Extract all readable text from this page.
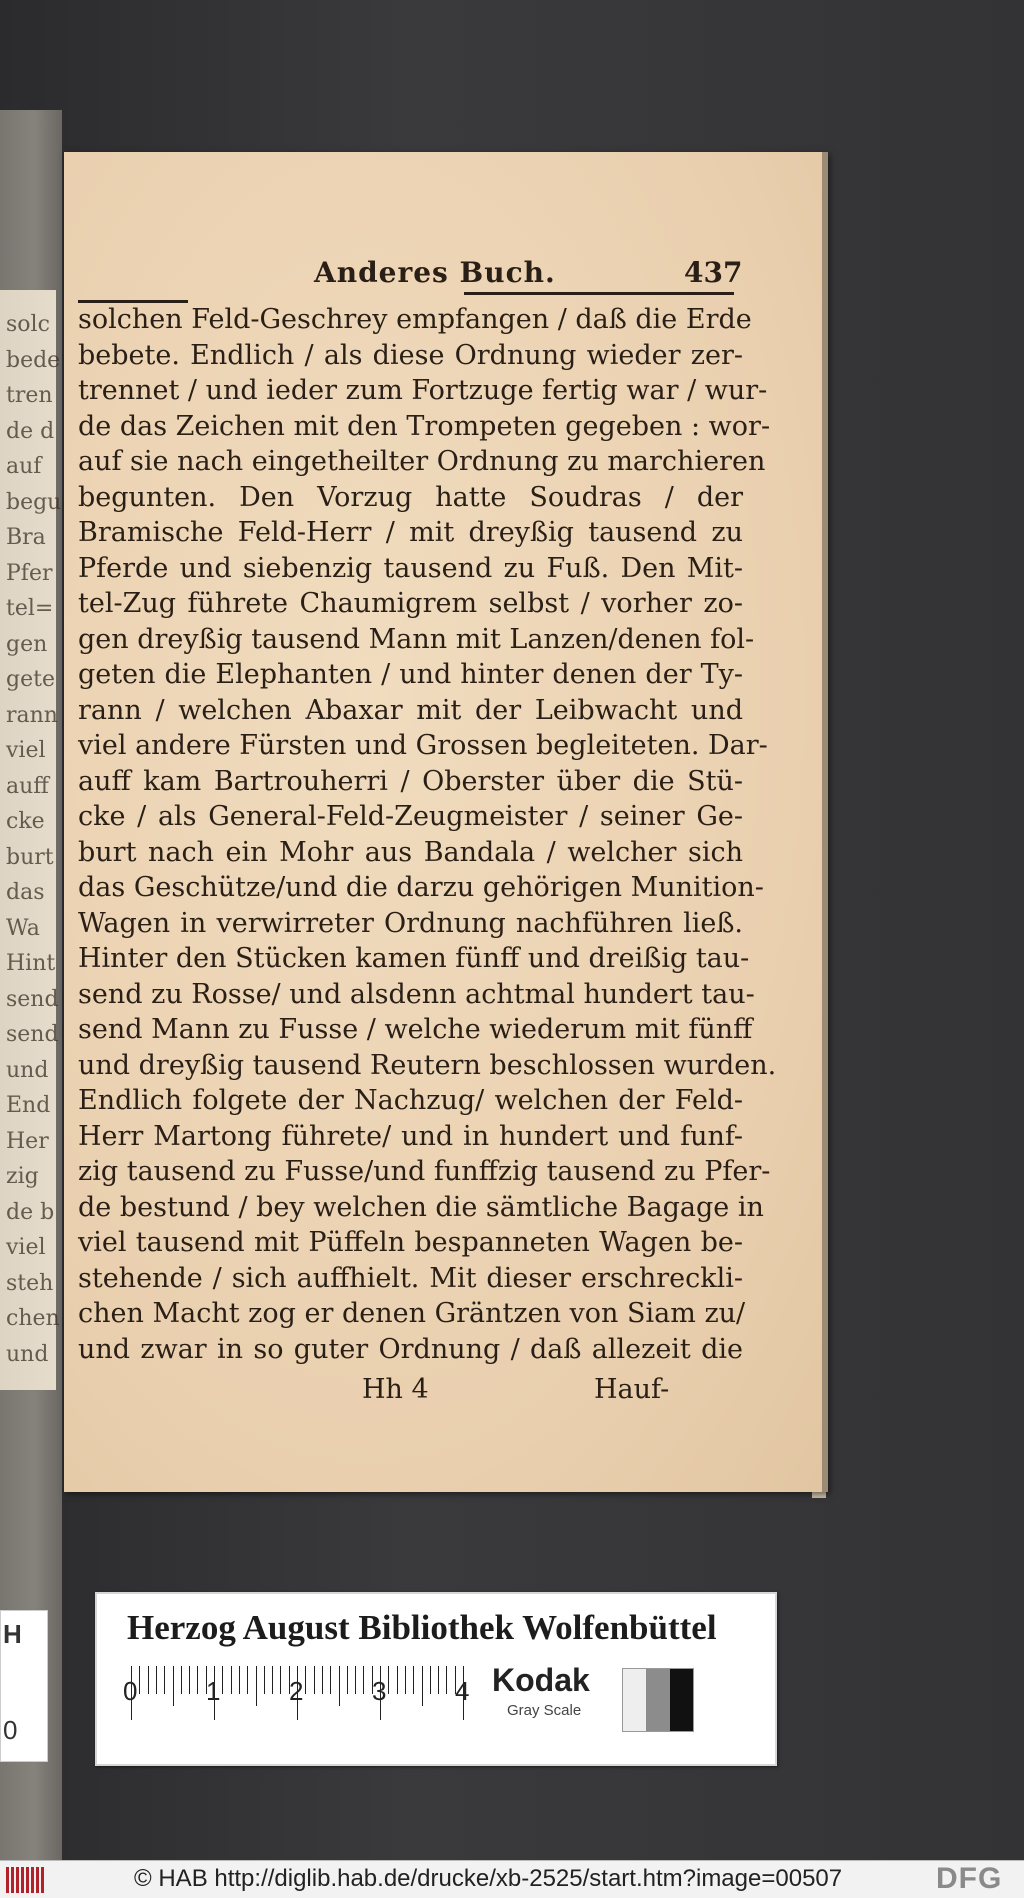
solc
bede
tren
de d
auf
begu
Bra
Pfer
tel=
gen
gete
rann
viel
auff
cke
burt
das
Wa
Hint
send
send
und
End
Her
zig
de b
viel
steh
chen
und
Anderes Buch.	437
solchen Feld-Geschrey empfangen / daß die Erde
bebete. Endlich / als diese Ordnung wieder zer-
trennet / und ieder zum Fortzuge fertig war / wur-
de das Zeichen mit den Trompeten gegeben : wor-
auf sie nach eingetheilter Ordnung zu marchieren
begunten. Den Vorzug hatte Soudras / der
Bramische Feld-Herr / mit dreyßig tausend zu
Pferde und siebenzig tausend zu Fuß. Den Mit-
tel-Zug führete Chaumigrem selbst / vorher zo-
gen dreyßig tausend Mann mit Lanzen/denen fol-
geten die Elephanten / und hinter denen der Ty-
rann / welchen Abaxar mit der Leibwacht und
viel andere Fürsten und Grossen begleiteten. Dar-
auff kam Bartrouherri / Oberster über die Stü-
cke / als General-Feld-Zeugmeister / seiner Ge-
burt nach ein Mohr aus Bandala / welcher sich
das Geschütze/und die darzu gehörigen Munition-
Wagen in verwirreter Ordnung nachführen ließ.
Hinter den Stücken kamen fünff und dreißig tau-
send zu Rosse/ und alsdenn achtmal hundert tau-
send Mann zu Fusse / welche wiederum mit fünff
und dreyßig tausend Reutern beschlossen wurden.
Endlich folgete der Nachzug/ welchen der Feld-
Herr Martong führete/ und in hundert und funf-
zig tausend zu Fusse/und funffzig tausend zu Pfer-
de bestund / bey welchen die sämtliche Bagage in
viel tausend mit Püffeln bespanneten Wagen be-
stehende / sich auffhielt. Mit dieser erschreckli-
chen Macht zog er denen Gräntzen von Siam zu/
und zwar in so guter Ordnung / daß allezeit die
Hh 4	Hauf-
H
0
Herzog August Bibliothek Wolfenbüttel
Kodak
Gray Scale
0	1	2	3	4
© HAB http://diglib.hab.de/drucke/xb-2525/start.htm?image=00507	DFG
